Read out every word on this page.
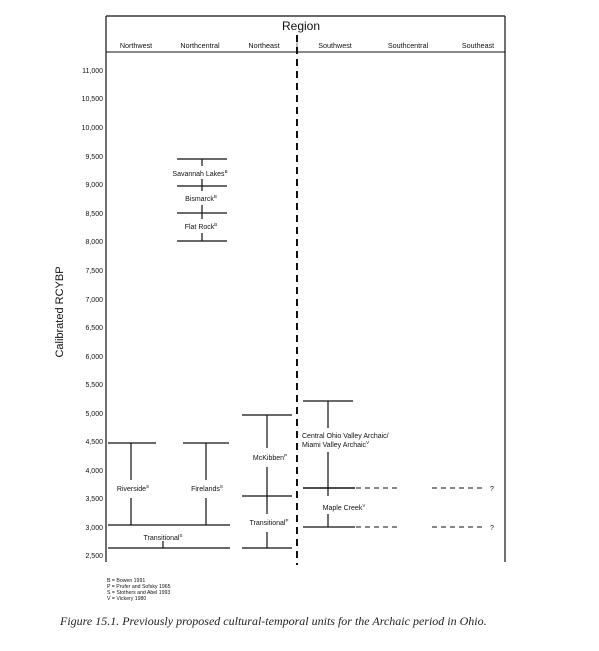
Region
Northwest	Northcentral	Northeast	Southwest	Southcentral	Southeast
|
Calibrated RCYBP
11,000
10,500
10,000
9,500
9,000
8,500
8,000
7,500
7,000
6,500
6,000
5,500
5,000
4,500
4,000
3,500
3,000
2,500
Savannah Lakes$^B$
Bismarck$^B$
Flat Rock$^B$
Riverside$^S$	Firelands$^S$
Transitional$^S$
McKibben$^P$
Transitional$^P$
Central Ohio Valley Archaic/
Miami Valley Archaic$^V$
Maple Creek$^V$
?
?
B = Bowen 1991
P = Prufer and Sofsky 1965
S = Stothers and Abel 1993
V = Vickery 1980
Figure 15.1. Previously proposed cultural-temporal units for the Archaic period in Ohio.
